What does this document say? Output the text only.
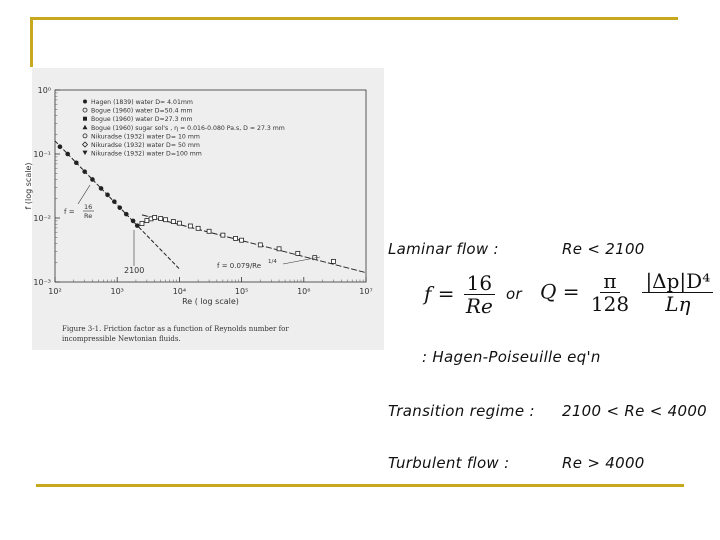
10²	10³	10⁴	10⁵	10⁶	10⁷
10⁰
10⁻¹
10⁻²
10⁻³
Re ( log scale)
f (log scale)
Hagen (1839) water D= 4.01mm
Bogue (1960) water D=50.4 mm
Bogue (1960) water D=27.3 mm
Bogue (1960) sugar sol's , η = 0.016-0.080 Pa.s, D = 27.3 mm
Nikuradse (1932) water D= 10 mm
Nikuradse (1932) water D= 50 mm
Nikuradse (1932) water D=100 mm
f =
16
Re
2100	f = 0.079/Re 1/4
Figure 3-1. Friction factor as a function of Reynolds number for
incompressible Newtonian fluids.
Laminar flow :	Re < 2100
$f = \frac{16}{Re}$ or $Q = \frac{\pi}{128}$
$\frac{\text{|Δp|D⁴}}{L\eta}$
: Hagen-Poiseuille eq'n
Transition regime : 2100 < Re < 4000
Turbulent flow :	Re > 4000
